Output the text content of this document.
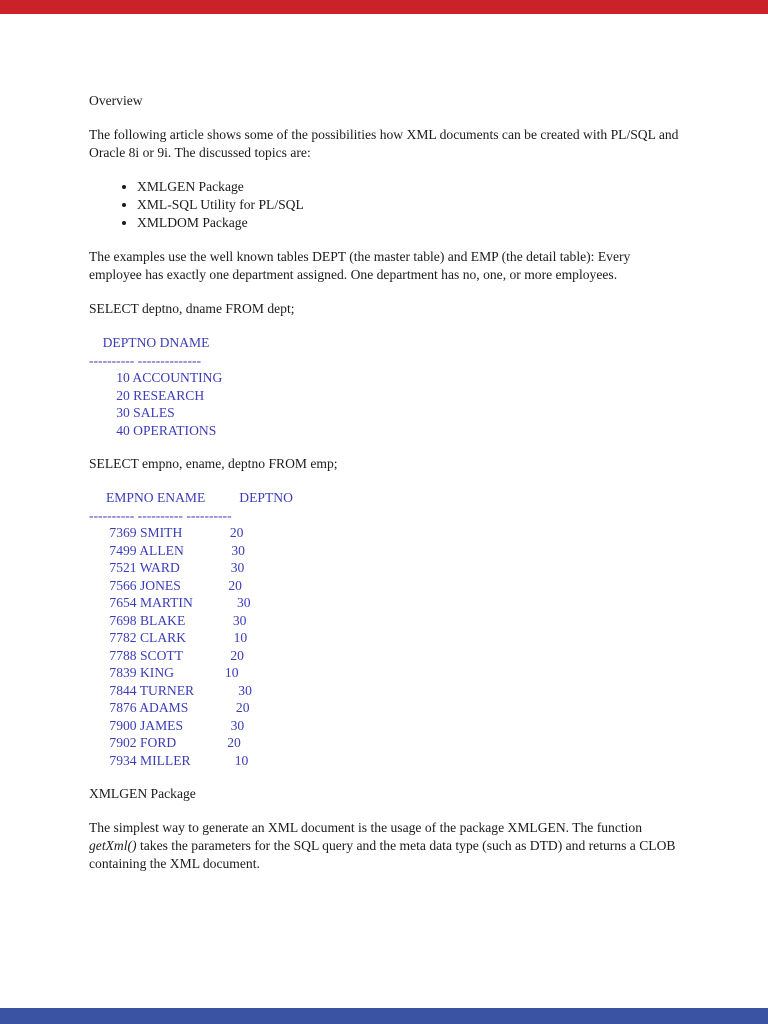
Overview

The following article shows some of the possibilities how XML documents can be created with PL/SQL and Oracle 8i or 9i. The discussed topics are:

• XMLGEN Package
• XML-SQL Utility for PL/SQL
• XMLDOM Package

The examples use the well known tables DEPT (the master table) and EMP (the detail table): Every employee has exactly one department assigned. One department has no, one, or more employees.

SELECT deptno, dname FROM dept;

DEPTNO DNAME
---------- --------------
10 ACCOUNTING
20 RESEARCH
30 SALES
40 OPERATIONS

SELECT empno, ename, deptno FROM emp;

EMPNO ENAME          DEPTNO
---------- ---------- ----------
7369 SMITH              20
7499 ALLEN              30
7521 WARD               30
7566 JONES              20
7654 MARTIN             30
7698 BLAKE              30
7782 CLARK              10
7788 SCOTT              20
7839 KING               10
7844 TURNER             30
7876 ADAMS              20
7900 JAMES              30
7902 FORD               20
7934 MILLER             10

XMLGEN Package

The simplest way to generate an XML document is the usage of the package XMLGEN. The function getXml() takes the parameters for the SQL query and the meta data type (such as DTD) and returns a CLOB containing the XML document.
